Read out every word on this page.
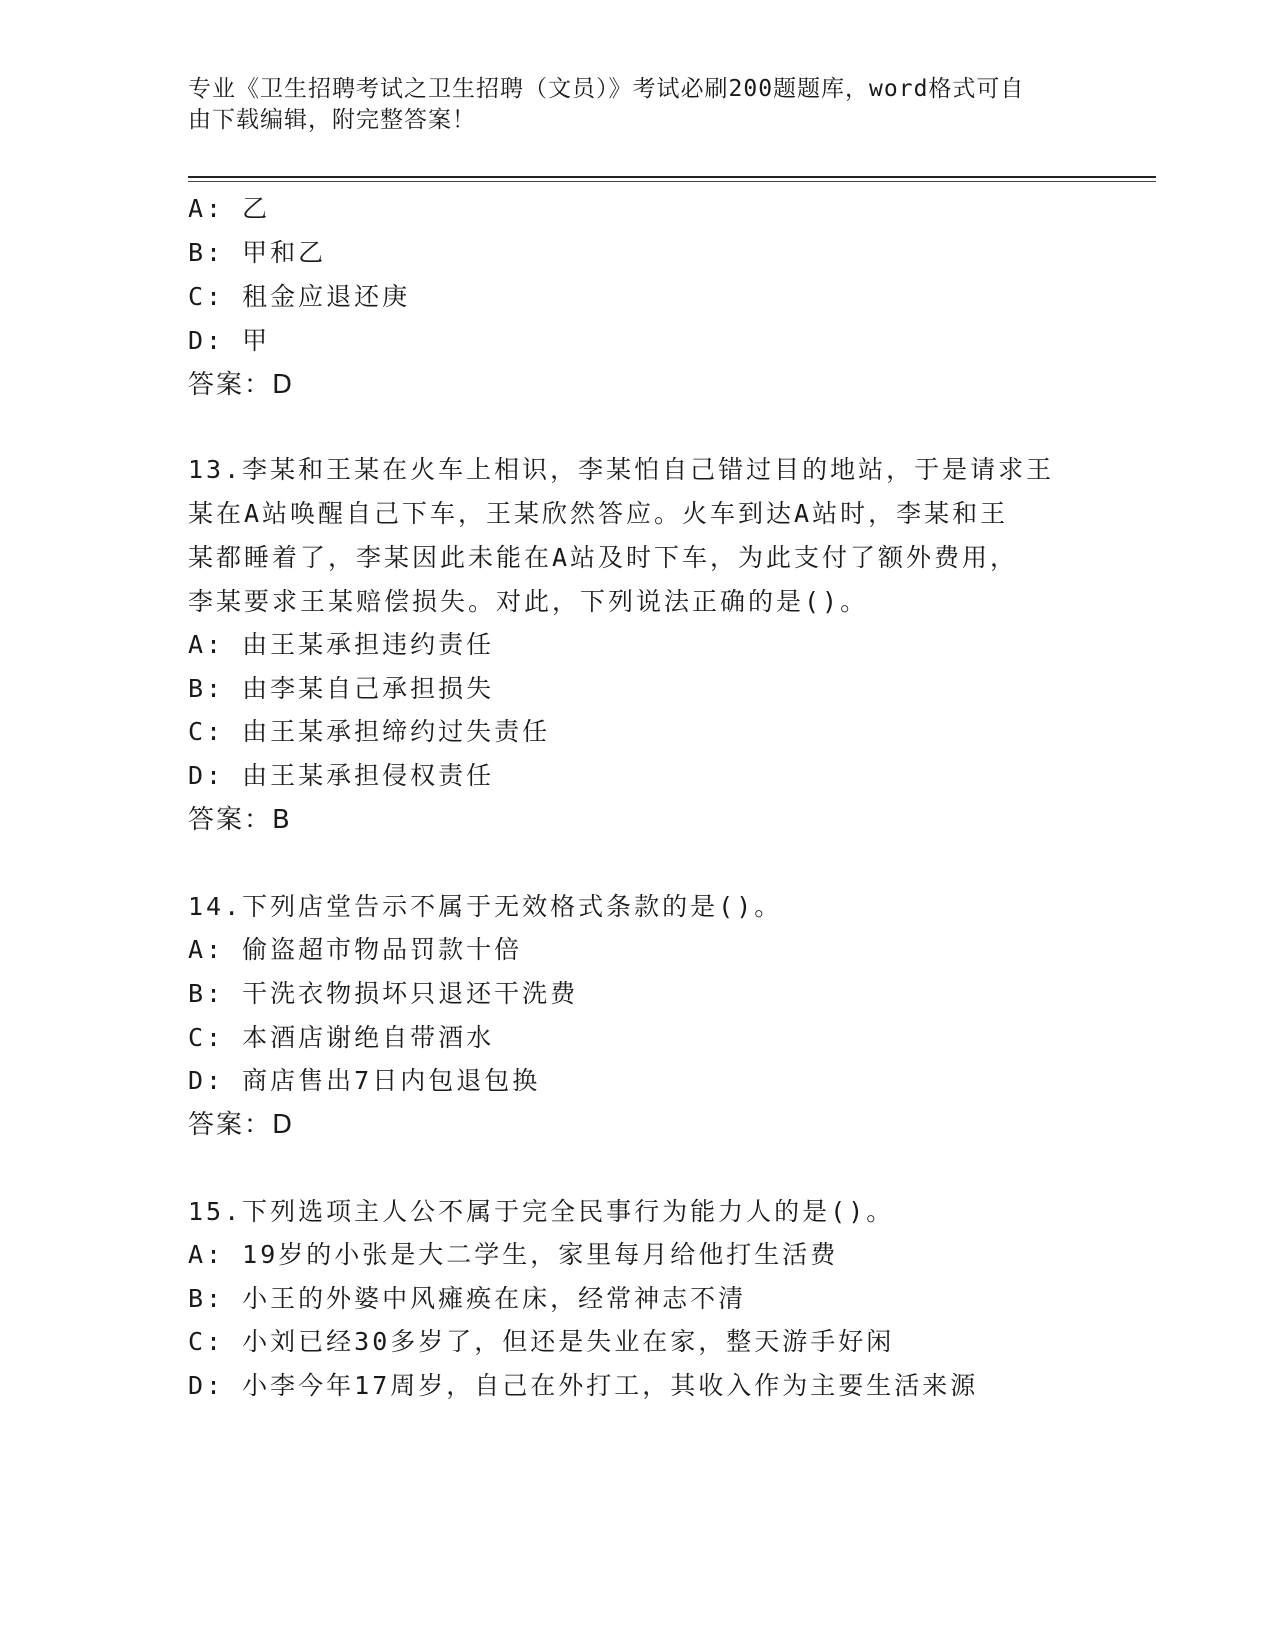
专业《卫生招聘考试之卫生招聘（文员）》考试必刷200题题库，word格式可自
由下载编辑，附完整答案！
A: 乙
B: 甲和乙
C: 租金应退还庚
D: 甲
答案：D
13.李某和王某在火车上相识，李某怕自己错过目的地站，于是请求王
某在A站唤醒自己下车，王某欣然答应。火车到达A站时，李某和王
某都睡着了，李某因此未能在A站及时下车，为此支付了额外费用，
李某要求王某赔偿损失。对此，下列说法正确的是()。
A: 由王某承担违约责任
B: 由李某自己承担损失
C: 由王某承担缔约过失责任
D: 由王某承担侵权责任
答案：B
14.下列店堂告示不属于无效格式条款的是()。
A: 偷盗超市物品罚款十倍
B: 干洗衣物损坏只退还干洗费
C: 本酒店谢绝自带酒水
D: 商店售出7日内包退包换
答案：D
15.下列选项主人公不属于完全民事行为能力人的是()。
A: 19岁的小张是大二学生，家里每月给他打生活费
B: 小王的外婆中风瘫痪在床，经常神志不清
C: 小刘已经30多岁了，但还是失业在家，整天游手好闲
D: 小李今年17周岁，自己在外打工，其收入作为主要生活来源
